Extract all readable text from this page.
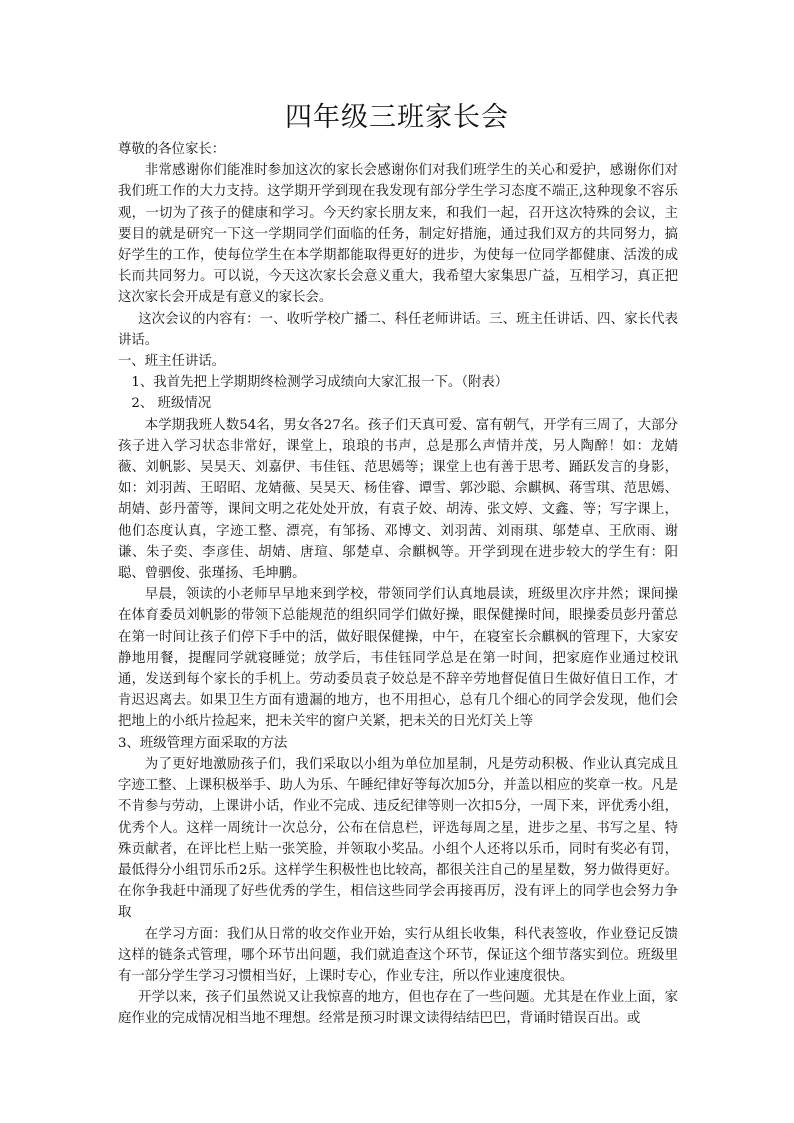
四年级三班家长会

尊敬的各位家长：

非常感谢你们能准时参加这次的家长会感谢你们对我们班学生的关心和爱护，感谢你们对我们班工作的大力支持。这学期开学到现在我发现有部分学生学习态度不端正,这种现象不容乐观，一切为了孩子的健康和学习。今天约家长朋友来，和我们一起，召开这次特殊的会议，主要目的就是研究一下这一学期同学们面临的任务，制定好措施，通过我们双方的共同努力，搞好学生的工作，使每位学生在本学期都能取得更好的进步，为使每一位同学都健康、活泼的成长而共同努力。可以说，今天这次家长会意义重大，我希望大家集思广益，互相学习，真正把这次家长会开成是有意义的家长会。

这次会议的内容有：一、收听学校广播二、科任老师讲话。三、班主任讲话、四、家长代表讲话。

一、班主任讲话。

1、我首先把上学期期终检测学习成绩向大家汇报一下。（附表）

2、 班级情况

本学期我班人数54名，男女各27名。孩子们天真可爱、富有朝气，开学有三周了，大部分孩子进入学习状态非常好，课堂上，琅琅的书声，总是那么声情并茂，另人陶醉！如：龙婧薇、刘帆影、吴昊天、刘嘉伊、韦佳钰、范思嫣等；课堂上也有善于思考、踊跃发言的身影，如：刘羽茜、王昭昭、龙婧薇、吴昊天、杨佳睿、谭雪、郭沙聪、佘麒枫、蒋雪琪、范思嫣、胡婧、彭丹蕾等，课间文明之花处处开放，有袁子姣、胡涛、张文婷、文鑫、等；写字课上，他们态度认真，字迹工整、漂亮，有邹扬、邓博文、刘羽茜、刘雨琪、邬楚卓、王欣雨、谢谦、朱子奕、李彦佳、胡婧、唐瑄、邬楚卓、佘麒枫等。开学到现在进步较大的学生有：阳聪、曾驷俊、张瑾扬、毛坤鹏。

早晨，领读的小老师早早地来到学校，带领同学们认真地晨读，班级里次序井然；课间操在体育委员刘帆影的带领下总能规范的组织同学们做好操，眼保健操时间，眼操委员彭丹蕾总在第一时间让孩子们停下手中的活，做好眼保健操，中午，在寝室长佘麒枫的管理下，大家安静地用餐，提醒同学就寝睡觉；放学后，韦佳钰同学总是在第一时间，把家庭作业通过校讯通，发送到每个家长的手机上。劳动委员袁子姣总是不辞辛劳地督促值日生做好值日工作，才肯迟迟离去。如果卫生方面有遗漏的地方，也不用担心，总有几个细心的同学会发现，他们会把地上的小纸片捡起来，把未关牢的窗户关紧，把未关的日光灯关上等

3、班级管理方面采取的方法

为了更好地激励孩子们，我们采取以小组为单位加星制，凡是劳动积极、作业认真完成且字迹工整、上课积极举手、助人为乐、午睡纪律好等每次加5分，并盖以相应的奖章一枚。凡是不肯参与劳动，上课讲小话，作业不完成、违反纪律等则一次扣5分，一周下来，评优秀小组，优秀个人。这样一周统计一次总分，公布在信息栏，评选每周之星，进步之星、书写之星、特殊贡献者，在评比栏上贴一张笑脸，并领取小奖品。小组个人还将以乐币，同时有奖必有罚，最低得分小组罚乐币2乐。这样学生积极性也比较高，都很关注自己的星星数，努力做得更好。在你争我赶中涌现了好些优秀的学生，相信这些同学会再接再厉，没有评上的同学也会努力争取

在学习方面：我们从日常的收交作业开始，实行从组长收集，科代表签收，作业登记反馈这样的链条式管理，哪个环节出问题，我们就追查这个环节，保证这个细节落实到位。班级里有一部分学生学习习惯相当好，上课时专心，作业专注，所以作业速度很快。

开学以来，孩子们虽然说又让我惊喜的地方，但也存在了一些问题。尤其是在作业上面，家庭作业的完成情况相当地不理想。经常是预习时课文读得结结巴巴，背诵时错误百出。或
